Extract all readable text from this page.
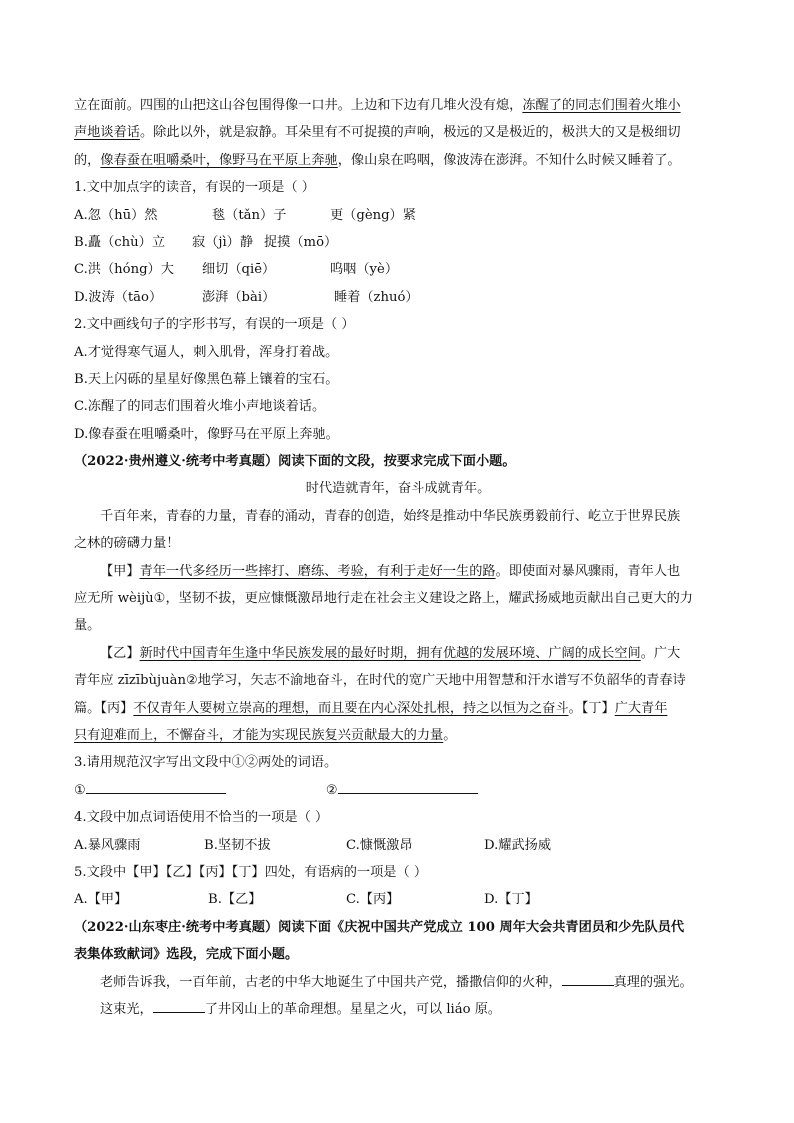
立在面前。四围的山把这山谷包围得像一口井。上边和下边有几堆火没有熄，冻醒了的同志们围着火堆小
声地谈着话。除此以外，就是寂静。耳朵里有不可捉摸的声响，极远的又是极近的，极洪大的又是极细切
的，像春蚕在咀嚼桑叶，像野马在平原上奔驰，像山泉在呜咽，像波涛在澎湃。不知什么时候又睡着了。
1.文中加点字的读音，有误的一项是（ ）
A.忽（hū）然	毯（tǎn）子	更（gèng）紧
B.矗（chù）立	寂（jì）静 捉摸（mō）
C.洪（hóng）大	细切（qiē）	呜咽（yè）
D.波涛（tāo）	澎湃（bài）	睡着（zhuó）
2.文中画线句子的字形书写，有误的一项是（ ）
A.才觉得寒气逼人，刺入肌骨，浑身打着战。
B.天上闪砾的星星好像黑色幕上镶着的宝石。
C.冻醒了的同志们围着火堆小声地谈着话。
D.像春蚕在咀嚼桑叶，像野马在平原上奔驰。
（2022·贵州遵义·统考中考真题）阅读下面的文段，按要求完成下面小题。
时代造就青年，奋斗成就青年。
千百年来，青春的力量，青春的涌动，青春的创造，始终是推动中华民族勇毅前行、屹立于世界民族
之林的磅礴力量！
【甲】青年一代多经历一些摔打、磨练、考验，有利于走好一生的路。即使面对暴风骤雨，青年人也
应无所 wèijù①，坚韧不拔，更应慷慨激昂地行走在社会主义建设之路上，耀武扬威地贡献出自己更大的力
量。
【乙】新时代中国青年生逢中华民族发展的最好时期，拥有优越的发展环境、广阔的成长空间。广大
青年应 zīzībùjuàn②地学习，矢志不渝地奋斗，在时代的宽广天地中用智慧和汗水谱写不负韶华的青春诗
篇。【丙】不仅青年人要树立崇高的理想，而且要在内心深处扎根，持之以恒为之奋斗。【丁】广大青年
只有迎难而上，不懈奋斗，才能为实现民族复兴贡献最大的力量。
3.请用规范汉字写出文段中①②两处的词语。
①	②
4.文段中加点词语使用不恰当的一项是（ ）
A.暴风骤雨	B.坚韧不拔	C.慷慨激昂	D.耀武扬威
5.文段中【甲】【乙】【丙】【丁】四处，有语病的一项是（ ）
A.【甲】	B.【乙】	C.【丙】	D.【丁】
（2022·山东枣庄·统考中考真题）阅读下面《庆祝中国共产党成立 100 周年大会共青团员和少先队员代
表集体致献词》选段，完成下面小题。
老师告诉我，一百年前，古老的中华大地诞生了中国共产党，播撒信仰的火种，	真理的强光。
这束光，	了井冈山上的革命理想。星星之火，可以 liáo 原。
